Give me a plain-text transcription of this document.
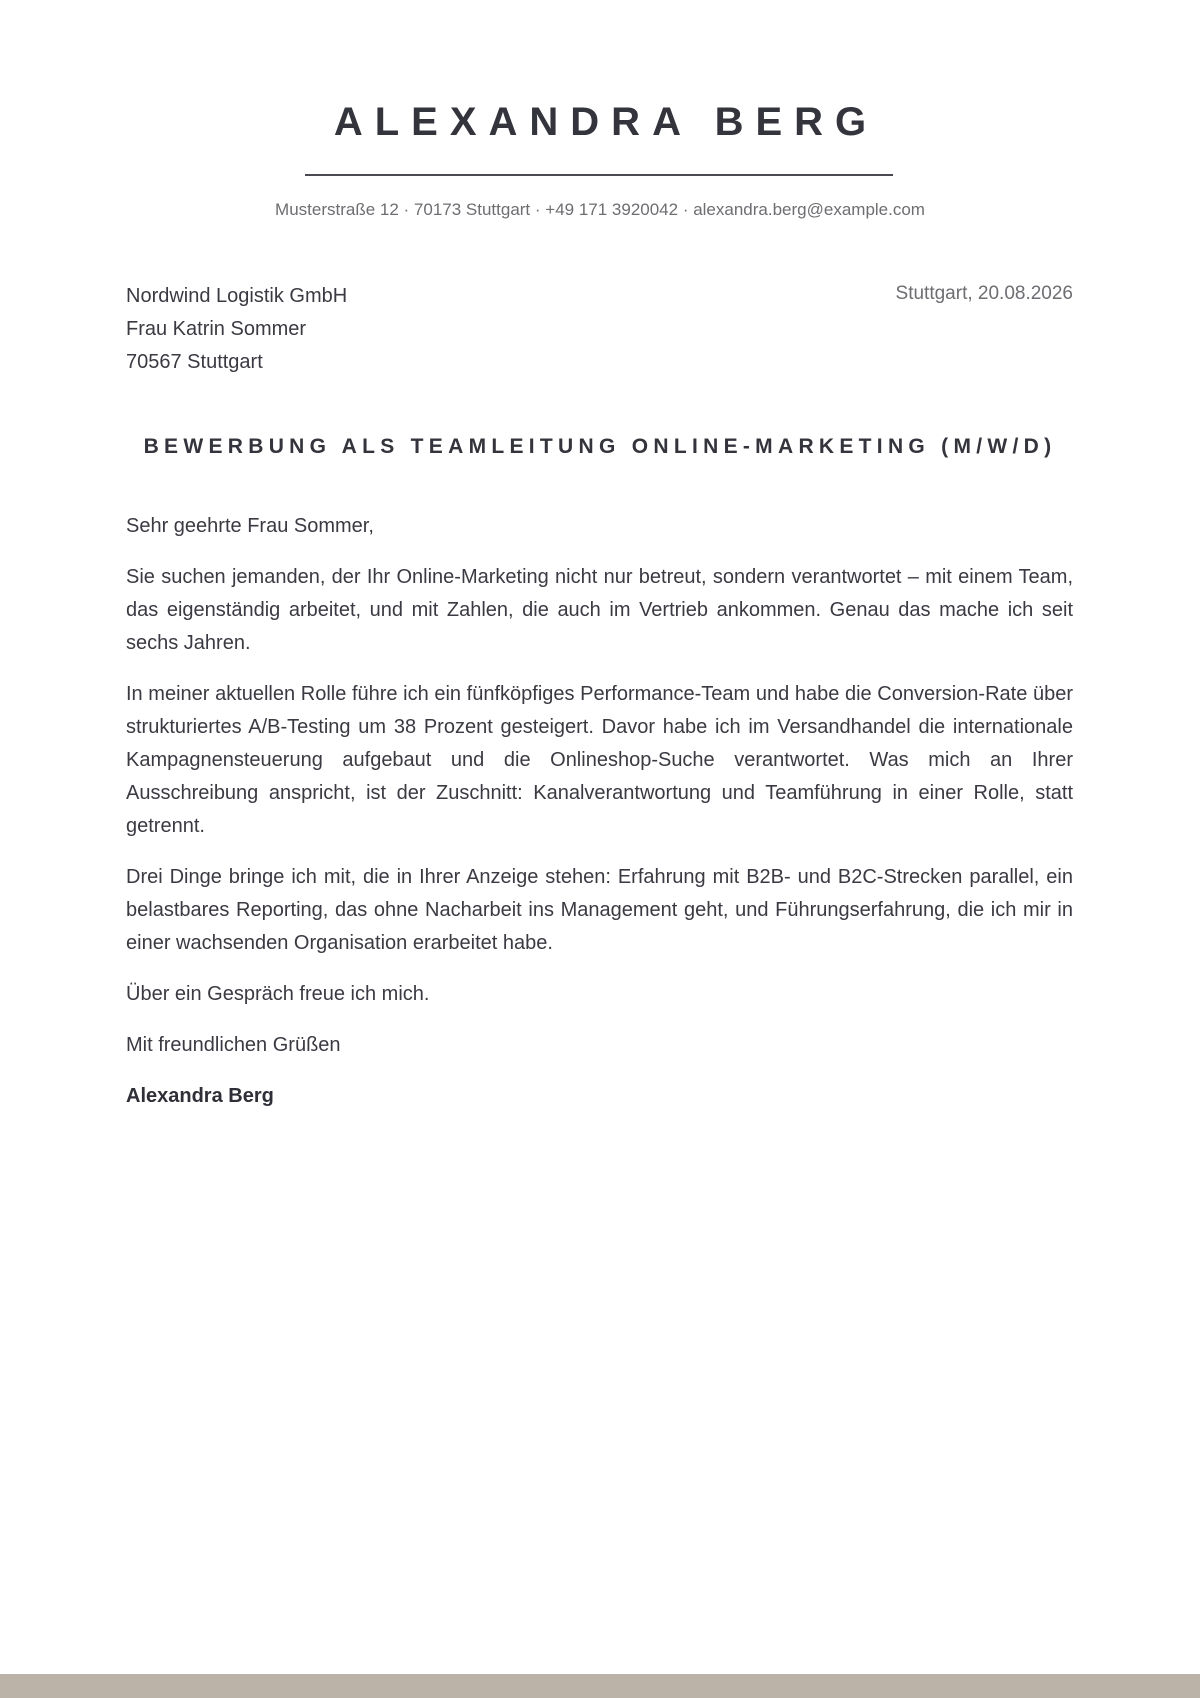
ALEXANDRA BERG
Musterstraße 12 · 70173 Stuttgart · +49 171 3920042 · alexandra.berg@example.com
Nordwind Logistik GmbH
Frau Katrin Sommer
70567 Stuttgart
Stuttgart, 20.08.2026
BEWERBUNG ALS TEAMLEITUNG ONLINE-MARKETING (M/W/D)

Sehr geehrte Frau Sommer,

Sie suchen jemanden, der Ihr Online-Marketing nicht nur betreut, sondern verantwortet – mit einem Team, das eigenständig arbeitet, und mit Zahlen, die auch im Vertrieb ankommen. Genau das mache ich seit sechs Jahren.

In meiner aktuellen Rolle führe ich ein fünfköpfiges Performance-Team und habe die Conversion-Rate über strukturiertes A/B-Testing um 38 Prozent gesteigert. Davor habe ich im Versandhandel die internationale Kampagnensteuerung aufgebaut und die Onlineshop-Suche verantwortet. Was mich an Ihrer Ausschreibung anspricht, ist der Zuschnitt: Kanalverantwortung und Teamführung in einer Rolle, statt getrennt.

Drei Dinge bringe ich mit, die in Ihrer Anzeige stehen: Erfahrung mit B2B- und B2C-Strecken parallel, ein belastbares Reporting, das ohne Nacharbeit ins Management geht, und Führungserfahrung, die ich mir in einer wachsenden Organisation erarbeitet habe.

Über ein Gespräch freue ich mich.

Mit freundlichen Grüßen

Alexandra Berg
